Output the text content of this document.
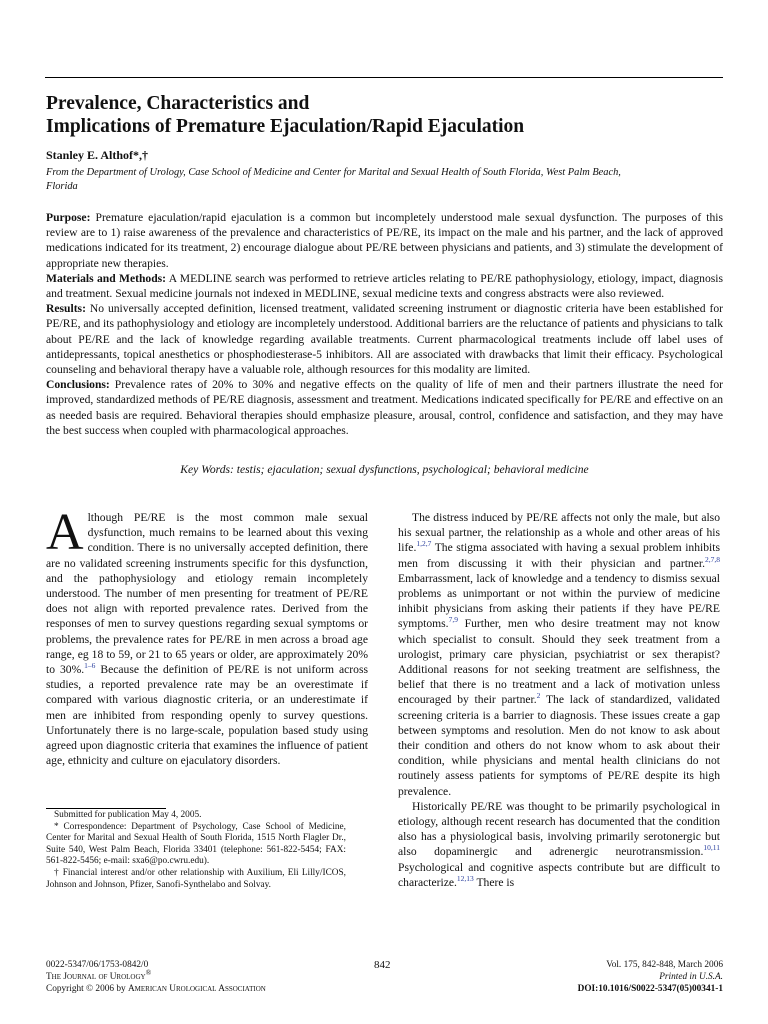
Prevalence, Characteristics and
Implications of Premature Ejaculation/Rapid Ejaculation
Stanley E. Althof*,†
From the Department of Urology, Case School of Medicine and Center for Marital and Sexual Health of South Florida, West Palm Beach, Florida

Purpose: Premature ejaculation/rapid ejaculation is a common but incompletely understood male sexual dysfunction. The purposes of this review are to 1) raise awareness of the prevalence and characteristics of PE/RE, its impact on the male and his partner, and the lack of approved medications indicated for its treatment, 2) encourage dialogue about PE/RE between physicians and patients, and 3) stimulate the development of appropriate new therapies.

Materials and Methods: A MEDLINE search was performed to retrieve articles relating to PE/RE pathophysiology, etiology, impact, diagnosis and treatment. Sexual medicine journals not indexed in MEDLINE, sexual medicine texts and congress abstracts were also reviewed.

Results: No universally accepted definition, licensed treatment, validated screening instrument or diagnostic criteria have been established for PE/RE, and its pathophysiology and etiology are incompletely understood. Additional barriers are the reluctance of patients and physicians to talk about PE/RE and the lack of knowledge regarding available treatments. Current pharmacological treatments include off label uses of antidepressants, topical anesthetics or phosphodiesterase-5 inhibitors. All are associated with drawbacks that limit their efficacy. Psychological counseling and behavioral therapy have a valuable role, although resources for this modality are limited.

Conclusions: Prevalence rates of 20% to 30% and negative effects on the quality of life of men and their partners illustrate the need for improved, standardized methods of PE/RE diagnosis, assessment and treatment. Medications indicated specifically for PE/RE and effective on an as needed basis are required. Behavioral therapies should emphasize pleasure, arousal, control, confidence and satisfaction, and they may have the best success when coupled with pharmacological approaches.

Key Words: testis; ejaculation; sexual dysfunctions, psychological; behavioral medicine

Although PE/RE is the most common male sexual dysfunction, much remains to be learned about this vexing condition. There is no universally accepted definition, there are no validated screening instruments specific for this dysfunction, and the pathophysiology and etiology remain incompletely understood. The number of men presenting for treatment of PE/RE does not align with reported prevalence rates. Derived from the responses of men to survey questions regarding sexual symptoms or problems, the prevalence rates for PE/RE in men across a broad age range, eg 18 to 59, or 21 to 65 years or older, are approximately 20% to 30%.$^{1-6}$ Because the definition of PE/RE is not uniform across studies, a reported prevalence rate may be an overestimate if compared with various diagnostic criteria, or an underestimate if men are inhibited from responding openly to survey questions. Unfortunately there is no large-scale, population based study using agreed upon diagnostic criteria that examines the influence of patient age, ethnicity and culture on ejaculatory disorders.

Submitted for publication May 4, 2005.

* Correspondence: Department of Psychology, Case School of Medicine, Center for Marital and Sexual Health of South Florida, 1515 North Flagler Dr., Suite 540, West Palm Beach, Florida 33401 (telephone: 561-822-5454; FAX: 561-822-5456; e-mail: sxa6@po.cwru.edu).

† Financial interest and/or other relationship with Auxilium, Eli Lilly/ICOS, Johnson and Johnson, Pfizer, Sanofi-Synthelabo and Solvay.

The distress induced by PE/RE affects not only the male, but also his sexual partner, the relationship as a whole and other areas of his life.$^{1,2,7}$ The stigma associated with having a sexual problem inhibits men from discussing it with their physician and partner.$^{2,7,8}$ Embarrassment, lack of knowledge and a tendency to dismiss sexual problems as unimportant or not within the purview of medicine inhibit physicians from asking their patients if they have PE/RE symptoms.$^{7,9}$ Further, men who desire treatment may not know which specialist to consult. Should they seek treatment from a urologist, primary care physician, psychiatrist or sex therapist? Additional reasons for not seeking treatment are selfishness, the belief that there is no treatment and a lack of motivation unless encouraged by their partner.$^2$ The lack of standardized, validated screening criteria is a barrier to diagnosis. These issues create a gap between symptoms and resolution. Men do not know to ask about their condition and others do not know whom to ask about their condition, while physicians and mental health clinicians do not routinely assess patients for symptoms of PE/RE despite its high prevalence.

Historically PE/RE was thought to be primarily psychological in etiology, although recent research has documented that the condition also has a physiological basis, involving primarily serotonergic but also dopaminergic and adrenergic neurotransmission.$^{10,11}$ Psychological and cognitive aspects contribute but are difficult to characterize.$^{12,13}$ There is

0022-5347/06/1753-0842/0
The Journal of Urology®
Copyright © 2006 by American Urological Association
842	Vol. 175, 842-848, March 2006
Printed in U.S.A.
DOI:10.1016/S0022-5347(05)00341-1
